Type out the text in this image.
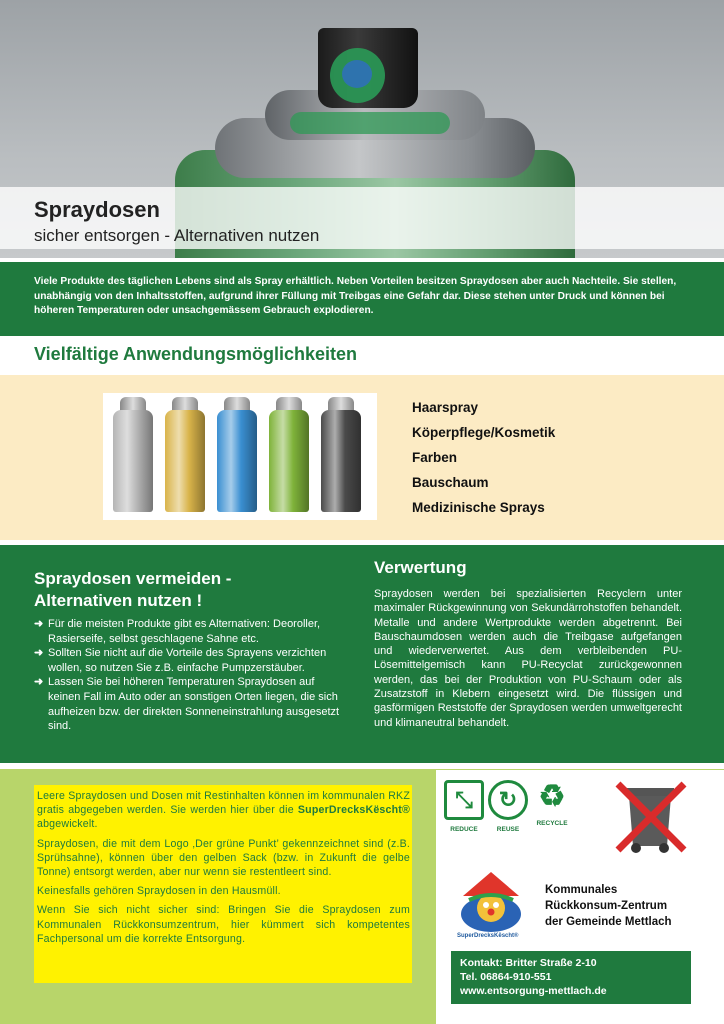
Spraydosen
sicher entsorgen - Alternativen nutzen
Viele Produkte des täglichen Lebens sind als Spray erhältlich. Neben Vorteilen besitzen Spraydosen aber auch Nachteile. Sie stellen, unabhängig von den Inhaltsstoffen, aufgrund ihrer Füllung mit Treibgas eine Gefahr dar. Diese stehen unter Druck und können bei höheren Temperaturen oder unsachgemässem Gebrauch explodieren.
Vielfältige Anwendungsmöglichkeiten
Haarspray
Köperpflege/Kosmetik
Farben
Bauschaum
Medizinische Sprays
Spraydosen vermeiden -
Alternativen nutzen !
➜ Für die meisten Produkte gibt es Alternativen: Deoroller, Rasierseife, selbst geschlagene Sahne etc.
➜ Sollten Sie nicht auf die Vorteile des Sprayens verzichten wollen, so nutzen Sie z.B. einfache Pumpzerstäuber.
➜ Lassen Sie bei höheren Temperaturen Spraydosen auf keinen Fall im Auto oder an sonstigen Orten liegen, die sich aufheizen bzw. der direkten Sonneneinstrahlung ausgesetzt sind.
Verwertung
Spraydosen werden bei spezialisierten Recyclern unter maximaler Rückgewinnung von Sekundärrohstoffen behandelt. Metalle und andere Wertprodukte werden abgetrennt. Bei Bauschaumdosen werden auch die Treibgase aufgefangen und wiederverwertet. Aus dem verbleibenden PU-Lösemittelgemisch kann PU-Recyclat zurückgewonnen werden, das bei der Produktion von PU-Schaum oder als Zusatzstoff in Klebern eingesetzt wird. Die flüssigen und gasförmigen Reststoffe der Spraydosen werden umweltgerecht und klimaneutral behandelt.

Leere Spraydosen und Dosen mit Restinhalten können im kommunalen RKZ gratis abgegeben werden. Sie werden hier über die SuperDrecksKëscht® abgewickelt.

Spraydosen, die mit dem Logo ‚Der grüne Punkt’ gekennzeichnet sind (z.B. Sprühsahne), können über den gelben Sack (bzw. in Zukunft die gelbe Tonne) entsorgt werden, aber nur wenn sie restentleert sind.

Keinesfalls gehören Spraydosen in den Hausmüll.

Wenn Sie sich nicht sicher sind: Bringen Sie die Spraydosen zum Kommunalen Rückkonsumzentrum, hier kümmert sich kompetentes Fachpersonal um die korrekte Entsorgung.

⤡
REDUCE
↻
REUSE
♻
RECYCLE
SuperDrecksKëscht®
Kommunales
Rückkonsum-Zentrum
der Gemeinde Mettlach
Kontakt: Britter Straße 2-10
Tel. 06864-910-551
www.entsorgung-mettlach.de
